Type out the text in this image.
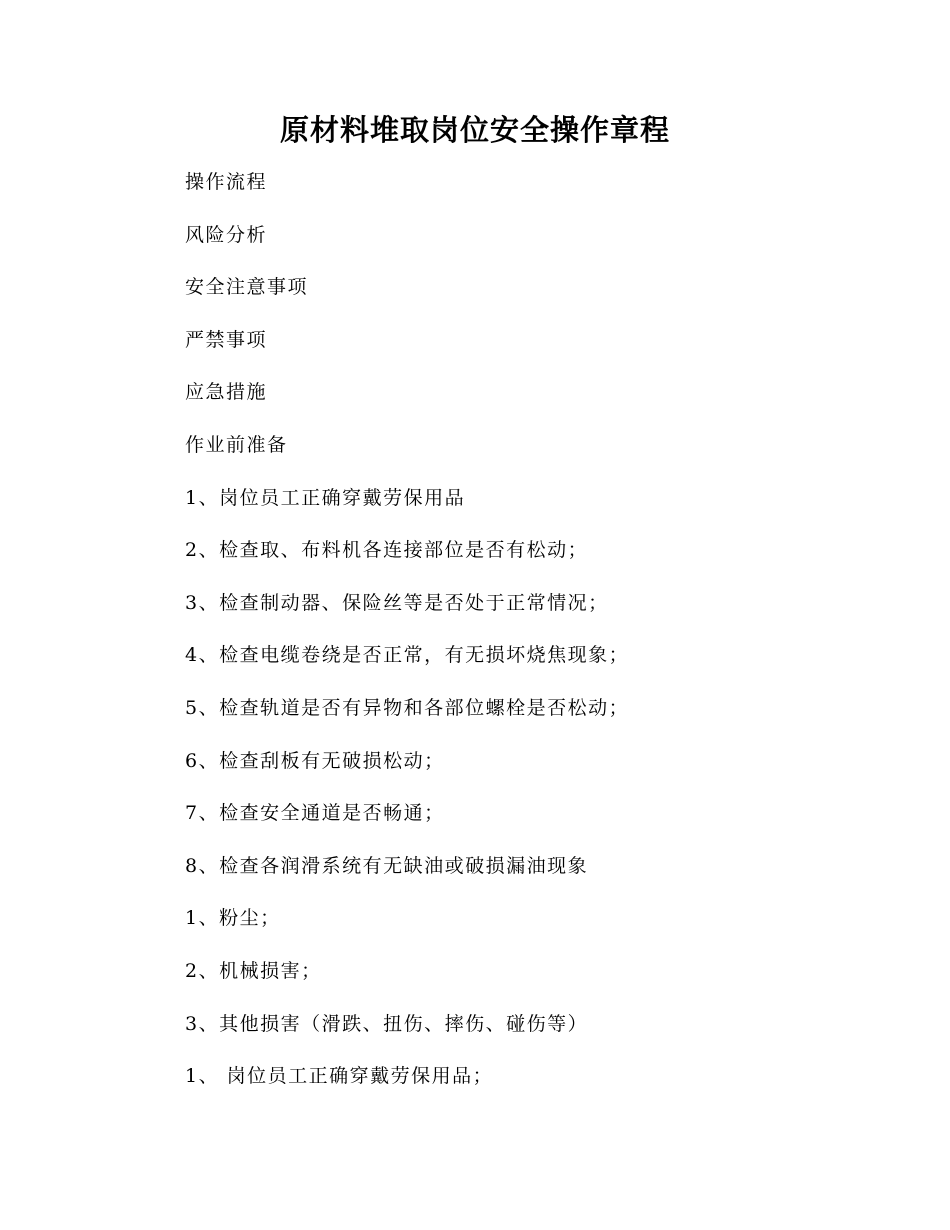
原材料堆取岗位安全操作章程
操作流程
风险分析
安全注意事项
严禁事项
应急措施
作业前准备
1、岗位员工正确穿戴劳保用品
2、检查取、布料机各连接部位是否有松动；
3、检查制动器、保险丝等是否处于正常情况；
4、检查电缆卷绕是否正常，有无损坏烧焦现象；
5、检查轨道是否有异物和各部位螺栓是否松动；
6、检查刮板有无破损松动；
7、检查安全通道是否畅通；
8、检查各润滑系统有无缺油或破损漏油现象
1、粉尘；
2、机械损害；
3、其他损害（滑跌、扭伤、摔伤、碰伤等）
1、 岗位员工正确穿戴劳保用品；
